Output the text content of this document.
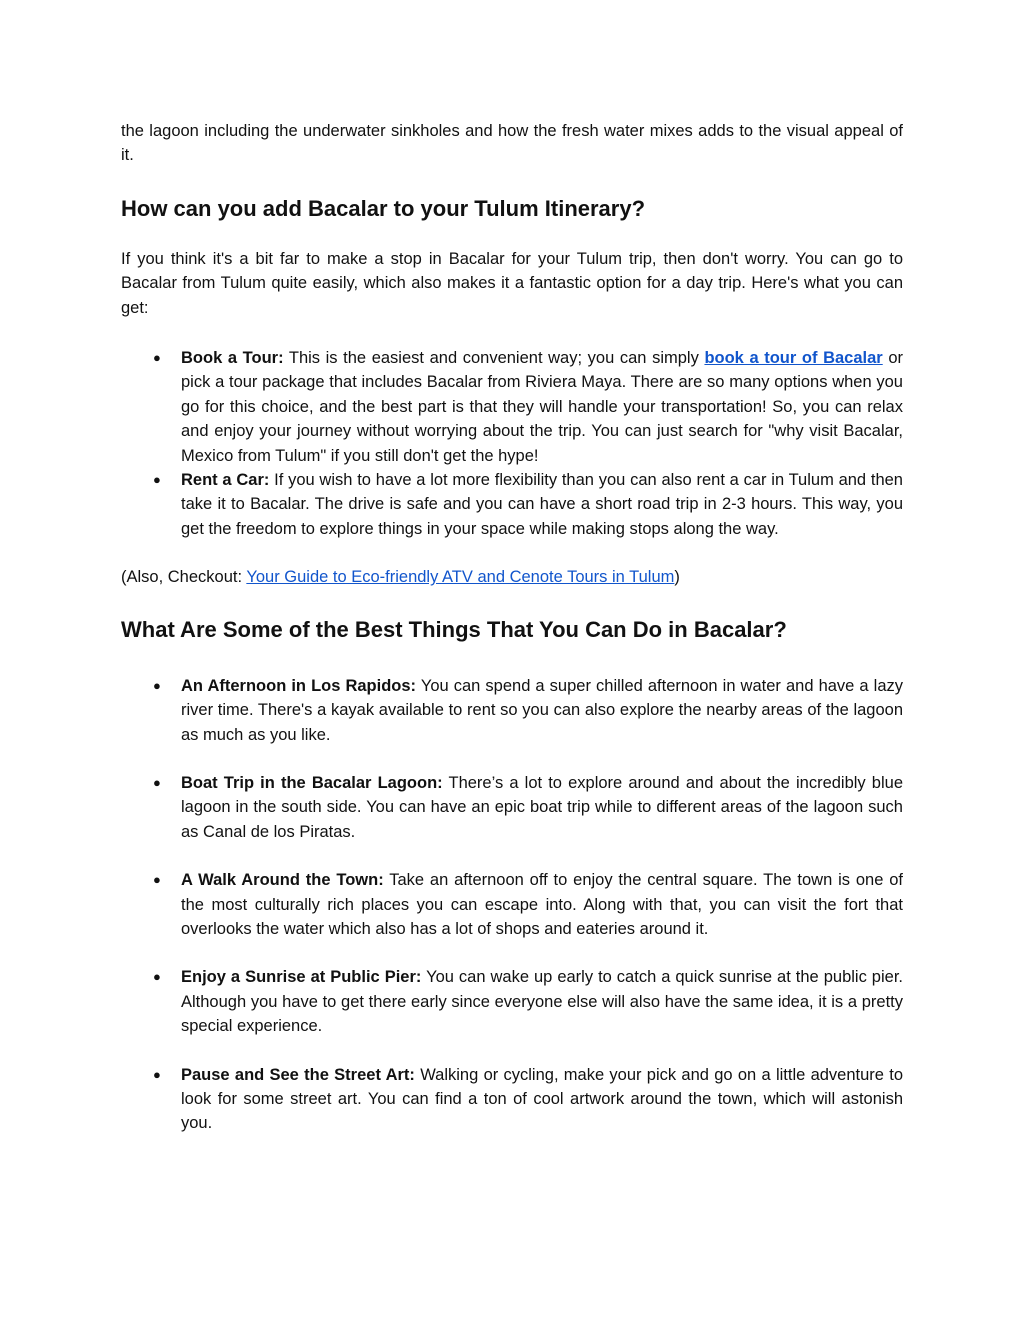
the lagoon including the underwater sinkholes and how the fresh water mixes adds to the visual appeal of it.

How can you add Bacalar to your Tulum Itinerary?

If you think it's a bit far to make a stop in Bacalar for your Tulum trip, then don't worry. You can go to Bacalar from Tulum quite easily, which also makes it a fantastic option for a day trip. Here's what you can get:

● Book a Tour: This is the easiest and convenient way; you can simply book a tour of Bacalar or pick a tour package that includes Bacalar from Riviera Maya. There are so many options when you go for this choice, and the best part is that they will handle your transportation! So, you can relax and enjoy your journey without worrying about the trip. You can just search for "why visit Bacalar, Mexico from Tulum" if you still don't get the hype!
● Rent a Car: If you wish to have a lot more flexibility than you can also rent a car in Tulum and then take it to Bacalar. The drive is safe and you can have a short road trip in 2-3 hours. This way, you get the freedom to explore things in your space while making stops along the way.

(Also, Checkout: Your Guide to Eco-friendly ATV and Cenote Tours in Tulum)

What Are Some of the Best Things That You Can Do in Bacalar?
● An Afternoon in Los Rapidos: You can spend a super chilled afternoon in water and have a lazy river time. There's a kayak available to rent so you can also explore the nearby areas of the lagoon as much as you like.
● Boat Trip in the Bacalar Lagoon: There’s a lot to explore around and about the incredibly blue lagoon in the south side. You can have an epic boat trip while to different areas of the lagoon such as Canal de los Piratas.
● A Walk Around the Town: Take an afternoon off to enjoy the central square. The town is one of the most culturally rich places you can escape into. Along with that, you can visit the fort that overlooks the water which also has a lot of shops and eateries around it.
● Enjoy a Sunrise at Public Pier: You can wake up early to catch a quick sunrise at the public pier. Although you have to get there early since everyone else will also have the same idea, it is a pretty special experience.
● Pause and See the Street Art: Walking or cycling, make your pick and go on a little adventure to look for some street art. You can find a ton of cool artwork around the town, which will astonish you.
